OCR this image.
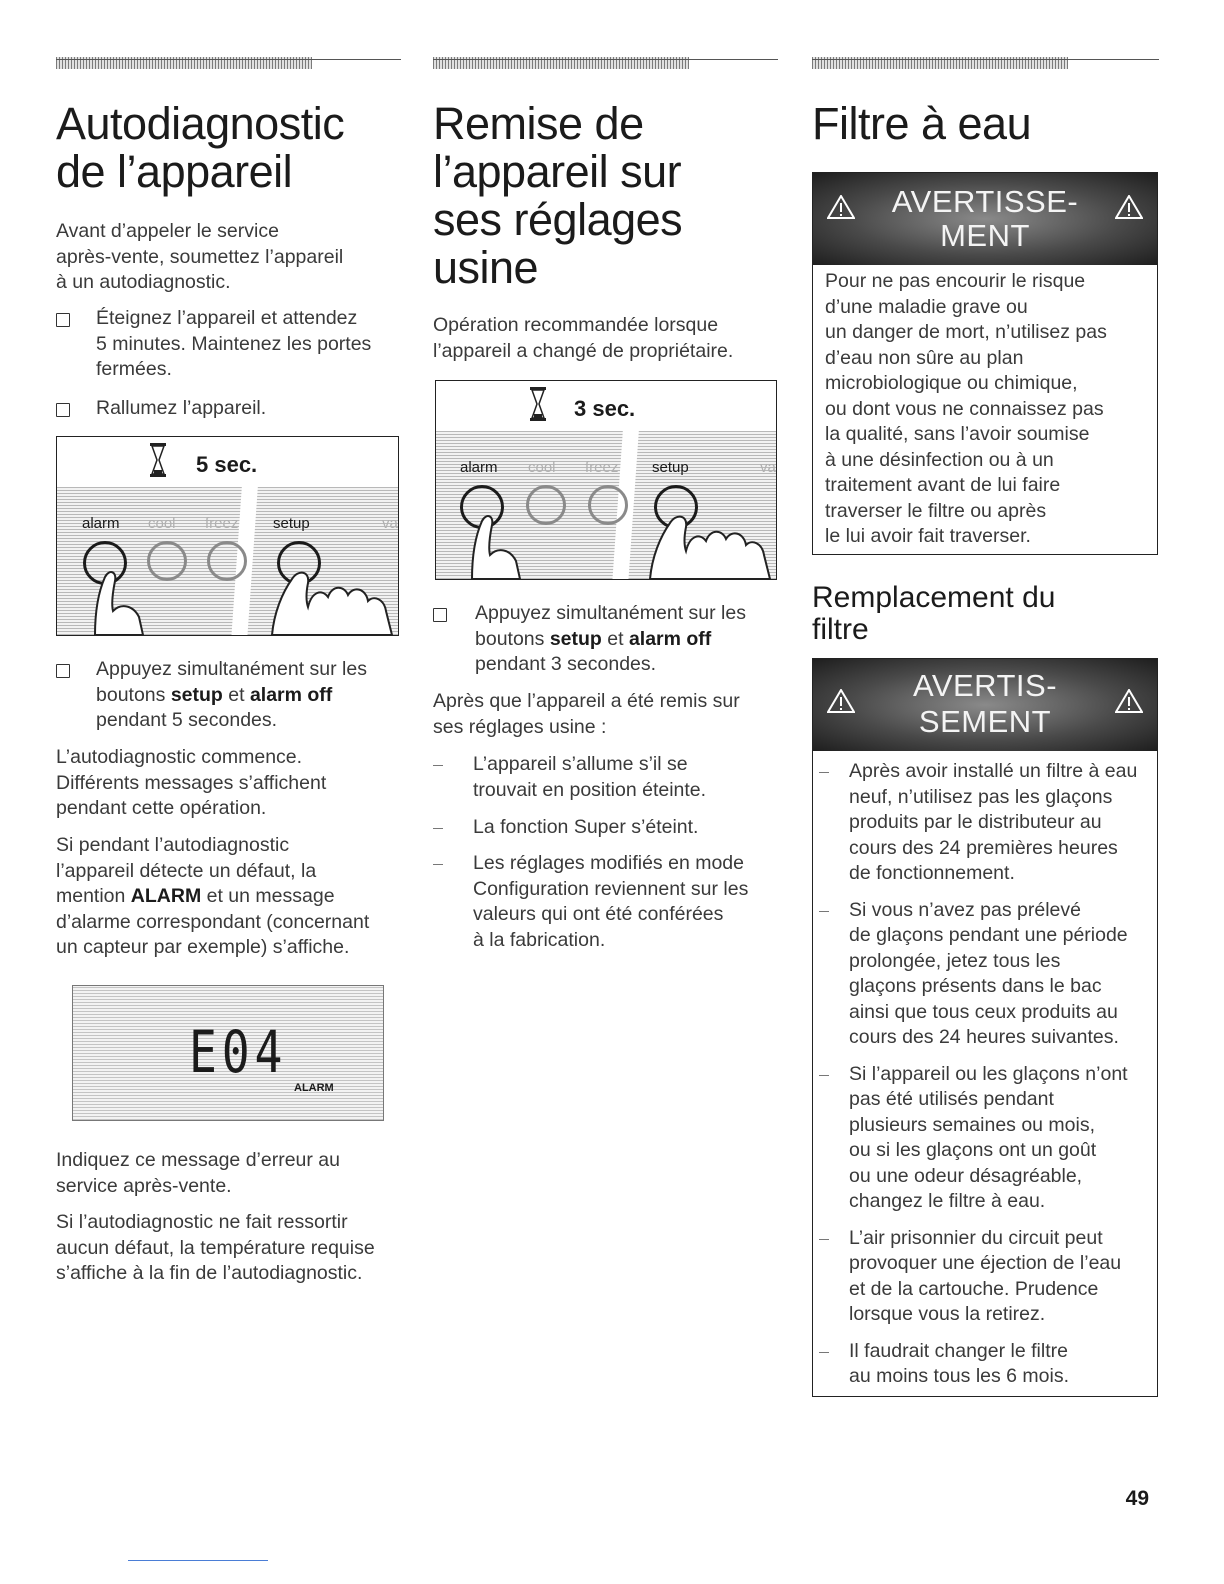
Autodiagnostic
de l’appareil

Avant d’appeler le service

après-vente, soumettez l’appareil

à un autodiagnostic.

Éteignez l’appareil et attendez

5 minutes. Maintenez les portes

fermées.

Rallumez l’appareil.

5 sec.
alarm cool freez setup	va

Appuyez simultanément sur les

boutons setup et alarm off

pendant 5 secondes.

L’autodiagnostic commence.

Différents messages s’affichent

pendant cette opération.

Si pendant l’autodiagnostic

l’appareil détecte un défaut, la

mention ALARM et un message

d’alarme correspondant (concernant

un capteur par exemple) s’affiche.

E04
ALARM

Indiquez ce message d’erreur au

service après-vente.

Si l’autodiagnostic ne fait ressortir

aucun défaut, la température requise

s’affiche à la fin de l’autodiagnostic.

Remise de
l’appareil sur
ses réglages
usine

Opération recommandée lorsque

l’appareil a changé de propriétaire.

3 sec.
alarm cool freez setup	va

Appuyez simultanément sur les

boutons setup et alarm off

pendant 3 secondes.

Après que l’appareil a été remis sur

ses réglages usine :

L’appareil s’allume s’il se

trouvait en position éteinte.

La fonction Super s’éteint.

Les réglages modifiés en mode

Configuration reviennent sur les

valeurs qui ont été conférées

à la fabrication.

Filtre à eau
AVERTISSE-
MENT

Pour ne pas encourir le risque

d’une maladie grave ou

un danger de mort, n’utilisez pas

d’eau non sûre au plan

microbiologique ou chimique,

ou dont vous ne connaissez pas

la qualité, sans l’avoir soumise

à une désinfection ou à un

traitement avant de lui faire

traverser le filtre ou après

le lui avoir fait traverser.

Remplacement du
filtre
AVERTIS-
SEMENT

Après avoir installé un filtre à eau

neuf, n’utilisez pas les glaçons

produits par le distributeur au

cours des 24 premières heures

de fonctionnement.

Si vous n’avez pas prélevé

de glaçons pendant une période

prolongée, jetez tous les

glaçons présents dans le bac

ainsi que tous ceux produits au

cours des 24 heures suivantes.

Si l’appareil ou les glaçons n’ont

pas été utilisés pendant

plusieurs semaines ou mois,

ou si les glaçons ont un goût

ou une odeur désagréable,

changez le filtre à eau.

L’air prisonnier du circuit peut

provoquer une éjection de l’eau

et de la cartouche. Prudence

lorsque vous la retirez.

Il faudrait changer le filtre

au moins tous les 6 mois.

49
